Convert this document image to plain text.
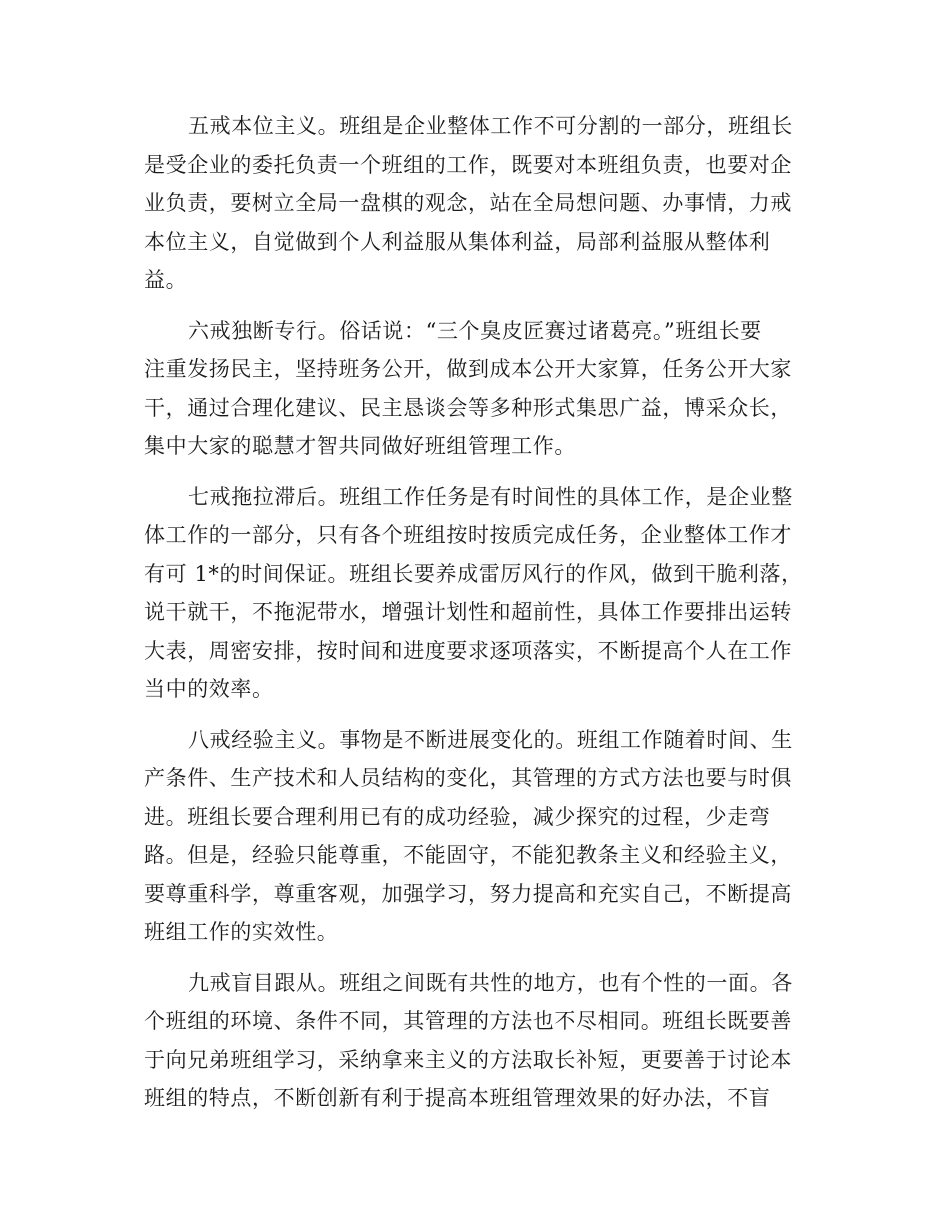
五戒本位主义。班组是企业整体工作不可分割的一部分，班组长
是受企业的委托负责一个班组的工作，既要对本班组负责，也要对企
业负责，要树立全局一盘棋的观念，站在全局想问题、办事情，力戒
本位主义，自觉做到个人利益服从集体利益，局部利益服从整体利
益。

六戒独断专行。俗话说：“三个臭皮匠赛过诸葛亮。”班组长要
注重发扬民主，坚持班务公开，做到成本公开大家算，任务公开大家
干，通过合理化建议、民主恳谈会等多种形式集思广益，博采众长，
集中大家的聪慧才智共同做好班组管理工作。

七戒拖拉滞后。班组工作任务是有时间性的具体工作，是企业整
体工作的一部分，只有各个班组按时按质完成任务，企业整体工作才
有可 1*的时间保证。班组长要养成雷厉风行的作风，做到干脆利落，
说干就干，不拖泥带水，增强计划性和超前性，具体工作要排出运转
大表，周密安排，按时间和进度要求逐项落实，不断提高个人在工作
当中的效率。

八戒经验主义。事物是不断进展变化的。班组工作随着时间、生
产条件、生产技术和人员结构的变化，其管理的方式方法也要与时俱
进。班组长要合理利用已有的成功经验，减少探究的过程，少走弯
路。但是，经验只能尊重，不能固守，不能犯教条主义和经验主义，
要尊重科学，尊重客观，加强学习，努力提高和充实自己，不断提高
班组工作的实效性。

九戒盲目跟从。班组之间既有共性的地方，也有个性的一面。各
个班组的环境、条件不同，其管理的方法也不尽相同。班组长既要善
于向兄弟班组学习，采纳拿来主义的方法取长补短，更要善于讨论本
班组的特点，不断创新有利于提高本班组管理效果的好办法，不盲
